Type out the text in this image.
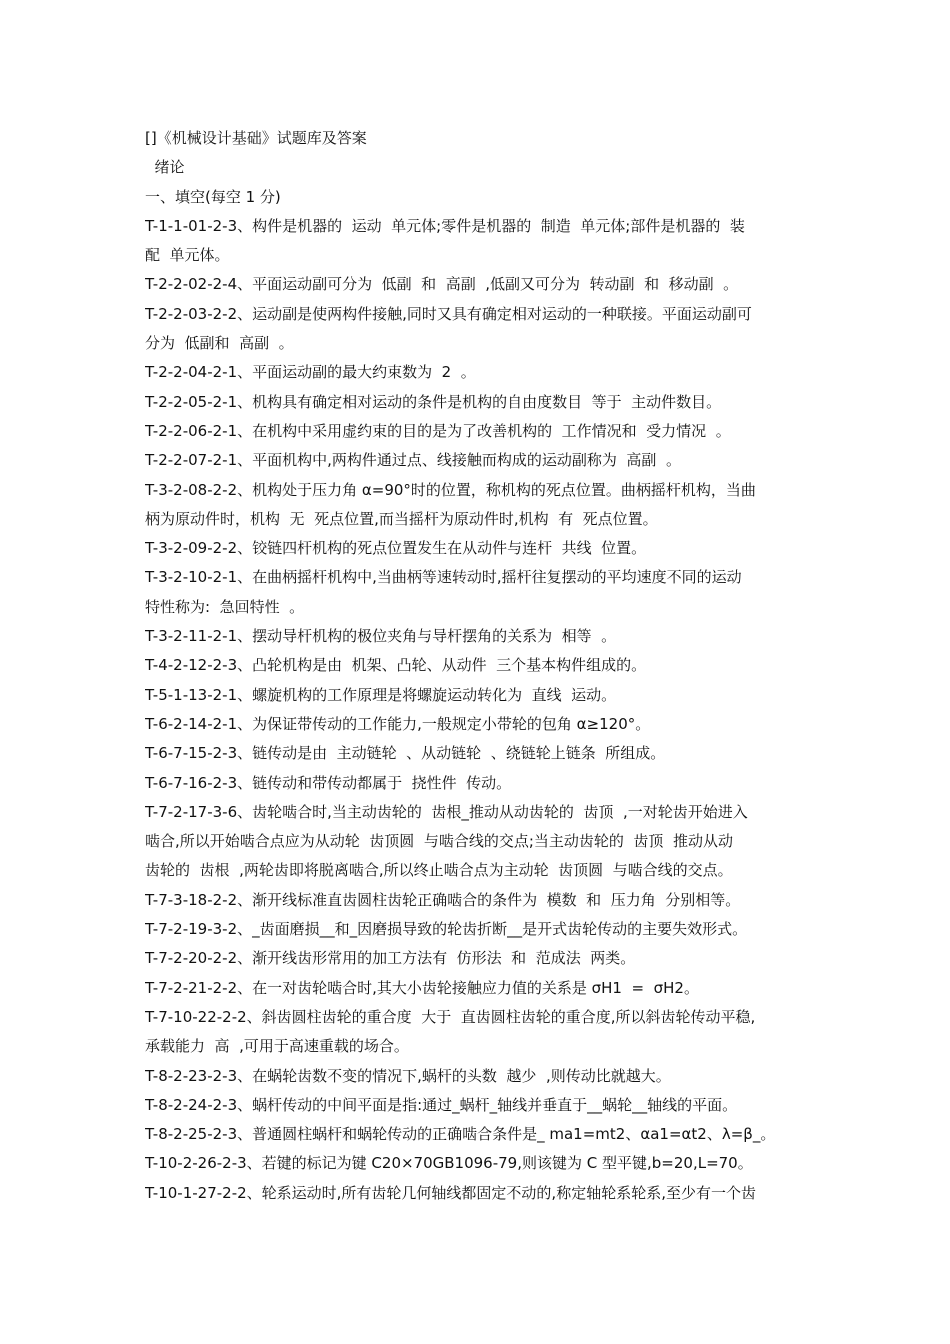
[]《机械设计基础》试题库及答案
绪论
一、填空(每空 1 分)
T-1-1-01-2-3、构件是机器的  运动  单元体;零件是机器的  制造  单元体;部件是机器的  装
配  单元体。
T-2-2-02-2-4、平面运动副可分为  低副  和  高副  ,低副又可分为  转动副  和  移动副  。
T-2-2-03-2-2、运动副是使两构件接触,同时又具有确定相对运动的一种联接。平面运动副可
分为  低副和  高副  。
T-2-2-04-2-1、平面运动副的最大约束数为  2  。
T-2-2-05-2-1、机构具有确定相对运动的条件是机构的自由度数目  等于  主动件数目。
T-2-2-06-2-1、在机构中采用虚约束的目的是为了改善机构的  工作情况和  受力情况  。
T-2-2-07-2-1、平面机构中,两构件通过点、线接触而构成的运动副称为  高副  。
T-3-2-08-2-2、机构处于压力角 α=90°时的位置，称机构的死点位置。曲柄摇杆机构，当曲
柄为原动件时，机构  无  死点位置,而当摇杆为原动件时,机构  有  死点位置。
T-3-2-09-2-2、铰链四杆机构的死点位置发生在从动件与连杆  共线  位置。
T-3-2-10-2-1、在曲柄摇杆机构中,当曲柄等速转动时,摇杆往复摆动的平均速度不同的运动
特性称为:  急回特性  。
T-3-2-11-2-1、摆动导杆机构的极位夹角与导杆摆角的关系为  相等  。
T-4-2-12-2-3、凸轮机构是由  机架、凸轮、从动件  三个基本构件组成的。
T-5-1-13-2-1、螺旋机构的工作原理是将螺旋运动转化为  直线  运动。
T-6-2-14-2-1、为保证带传动的工作能力,一般规定小带轮的包角 α≥120°。
T-6-7-15-2-3、链传动是由  主动链轮  、从动链轮  、绕链轮上链条  所组成。
T-6-7-16-2-3、链传动和带传动都属于  挠性件  传动。
T-7-2-17-3-6、齿轮啮合时,当主动齿轮的  齿根_推动从动齿轮的  齿顶  ,一对轮齿开始进入
啮合,所以开始啮合点应为从动轮  齿顶圆  与啮合线的交点;当主动齿轮的  齿顶  推动从动
齿轮的  齿根  ,两轮齿即将脱离啮合,所以终止啮合点为主动轮  齿顶圆  与啮合线的交点。
T-7-3-18-2-2、渐开线标准直齿圆柱齿轮正确啮合的条件为  模数  和  压力角  分别相等。
T-7-2-19-3-2、_齿面磨损__和_因磨损导致的轮齿折断__是开式齿轮传动的主要失效形式。
T-7-2-20-2-2、渐开线齿形常用的加工方法有  仿形法  和  范成法  两类。
T-7-2-21-2-2、在一对齿轮啮合时,其大小齿轮接触应力值的关系是 σH1  =  σH2。
T-7-10-22-2-2、斜齿圆柱齿轮的重合度  大于  直齿圆柱齿轮的重合度,所以斜齿轮传动平稳,
承载能力  高  ,可用于高速重载的场合。
T-8-2-23-2-3、在蜗轮齿数不变的情况下,蜗杆的头数  越少  ,则传动比就越大。
T-8-2-24-2-3、蜗杆传动的中间平面是指:通过_蜗杆_轴线并垂直于__蜗轮__轴线的平面。
T-8-2-25-2-3、普通圆柱蜗杆和蜗轮传动的正确啮合条件是_ ma1=mt2、αa1=αt2、λ=β_。
T-10-2-26-2-3、若键的标记为键 C20×70GB1096-79,则该键为 C 型平键,b=20,L=70。
T-10-1-27-2-2、轮系运动时,所有齿轮几何轴线都固定不动的,称定轴轮系轮系,至少有一个齿
